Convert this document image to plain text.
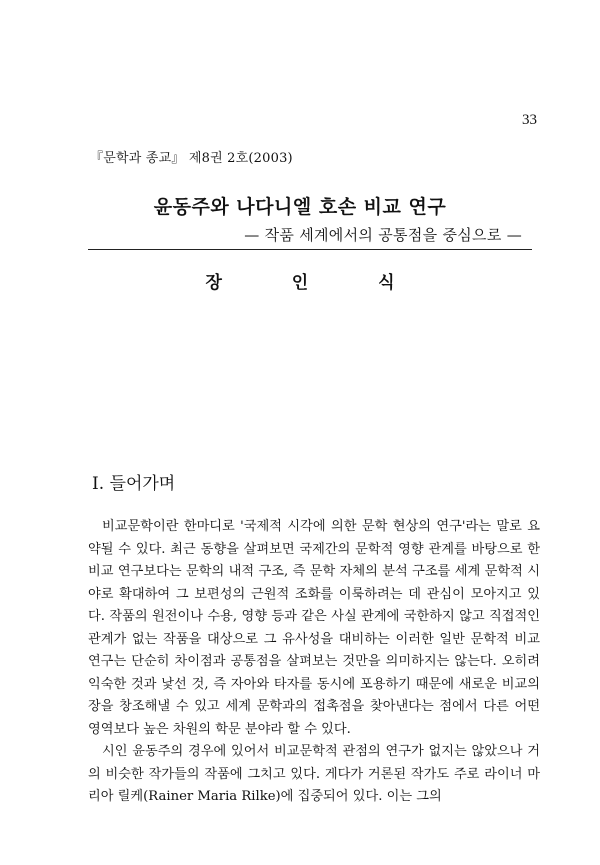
33
『문학과 종교』 제8권 2호(2003)
윤동주와 나다니엘 호손 비교 연구
— 작품 세계에서의 공통점을 중심으로 —
장 인 식
I. 들어가며

비교문학이란 한마디로 '국제적 시각에 의한 문학 현상의 연구'라는 말로 요약될 수 있다. 최근 동향을 살펴보면 국제간의 문학적 영향 관계를 바탕으로 한 비교 연구보다는 문학의 내적 구조, 즉 문학 자체의 분석 구조를 세계 문학적 시야로 확대하여 그 보편성의 근원적 조화를 이룩하려는 데 관심이 모아지고 있다. 작품의 원전이나 수용, 영향 등과 같은 사실 관계에 국한하지 않고 직접적인 관계가 없는 작품을 대상으로 그 유사성을 대비하는 이러한 일반 문학적 비교 연구는 단순히 차이점과 공통점을 살펴보는 것만을 의미하지는 않는다. 오히려 익숙한 것과 낯선 것, 즉 자아와 타자를 동시에 포용하기 때문에 새로운 비교의 장을 창조해낼 수 있고 세계 문학과의 접촉점을 찾아낸다는 점에서 다른 어떤 영역보다 높은 차원의 학문 분야라 할 수 있다.

시인 윤동주의 경우에 있어서 비교문학적 관점의 연구가 없지는 않았으나 거의 비슷한 작가들의 작품에 그치고 있다. 게다가 거론된 작가도 주로 라이너 마리아 릴케(Rainer Maria Rilke)에 집중되어 있다. 이는 그의
